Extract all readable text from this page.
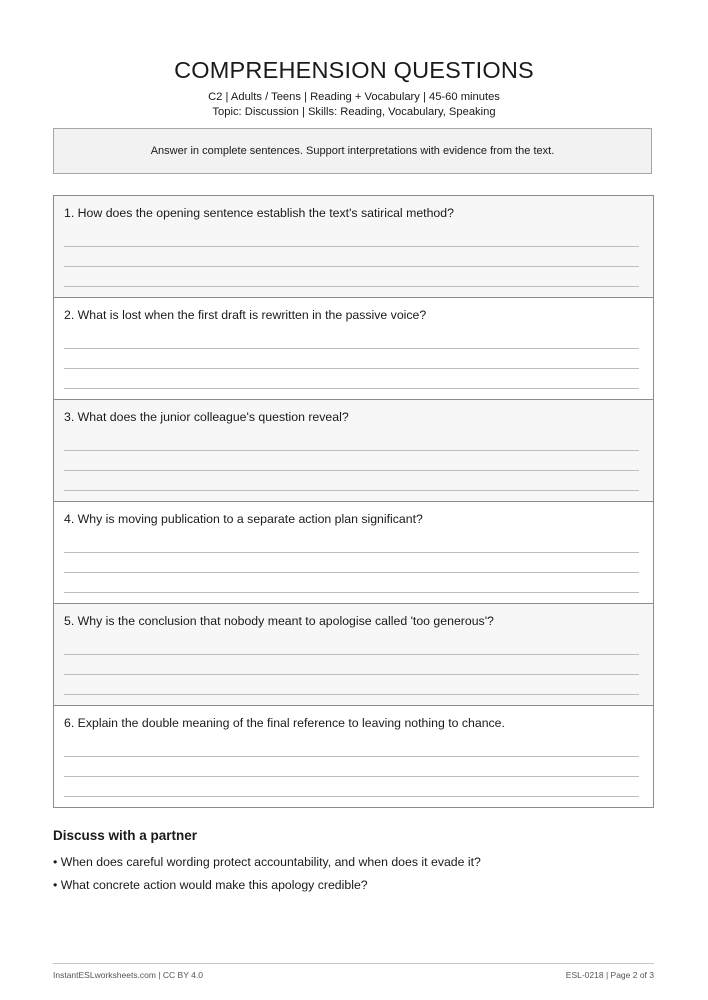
COMPREHENSION QUESTIONS
C2 | Adults / Teens | Reading + Vocabulary | 45-60 minutes
Topic: Discussion | Skills: Reading, Vocabulary, Speaking
Answer in complete sentences. Support interpretations with evidence from the text.
1. How does the opening sentence establish the text's satirical method?
2. What is lost when the first draft is rewritten in the passive voice?
3. What does the junior colleague's question reveal?
4. Why is moving publication to a separate action plan significant?
5. Why is the conclusion that nobody meant to apologise called 'too generous'?
6. Explain the double meaning of the final reference to leaving nothing to chance.
Discuss with a partner
• When does careful wording protect accountability, and when does it evade it?
• What concrete action would make this apology credible?
InstantESLworksheets.com | CC BY 4.0	ESL-0218 | Page 2 of 3
